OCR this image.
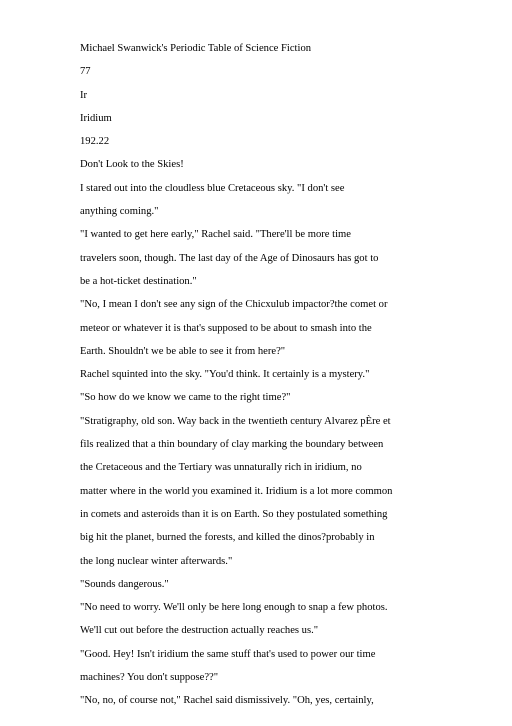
Michael Swanwick's Periodic Table of Science Fiction
77
Ir
Iridium
192.22
Don't Look to the Skies!
I stared out into the cloudless blue Cretaceous sky. "I don't see
anything coming."
"I wanted to get here early," Rachel said. "There'll be more time
travelers soon, though. The last day of the Age of Dinosaurs has got to
be a hot-ticket destination."
"No, I mean I don't see any sign of the Chicxulub impactor?the comet or
meteor or whatever it is that's supposed to be about to smash into the
Earth. Shouldn't we be able to see it from here?"
Rachel squinted into the sky. "You'd think. It certainly is a mystery."
"So how do we know we came to the right time?"
"Stratigraphy, old son. Way back in the twentieth century Alvarez pÈre et
fils realized that a thin boundary of clay marking the boundary between
the Cretaceous and the Tertiary was unnaturally rich in iridium, no
matter where in the world you examined it. Iridium is a lot more common
in comets and asteroids than it is on Earth. So they postulated something
big hit the planet, burned the forests, and killed the dinos?probably in
the long nuclear winter afterwards."
"Sounds dangerous."
"No need to worry. We'll only be here long enough to snap a few photos.
We'll cut out before the destruction actually reaches us."
"Good. Hey! Isn't iridium the same stuff that's used to power our time
machines? You don't suppose??"
"No, no, of course not," Rachel said dismissively. "Oh, yes, certainly,
